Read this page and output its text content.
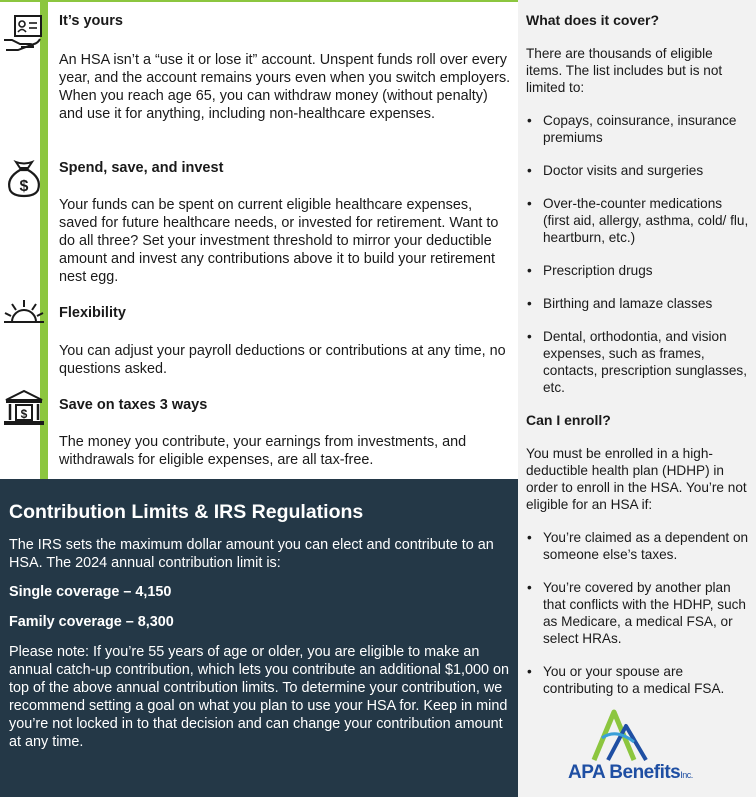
It’s yours
An HSA isn’t a “use it or lose it” account. Unspent funds roll over every year, and the account remains yours even when you switch employers. When you reach age 65, you can withdraw money (without penalty) and use it for anything, including non-healthcare expenses.
$
Spend, save, and invest
Your funds can be spent on current eligible healthcare expenses, saved for future healthcare needs, or invested for retirement. Want to do all three? Set your investment threshold to mirror your deductible amount and invest any contributions above it to build your retirement nest egg.
Flexibility
You can adjust your payroll deductions or contributions at any time, no questions asked.
$
Save on taxes 3 ways
The money you contribute, your earnings from investments, and withdrawals for eligible expenses, are all tax-free.
Contribution Limits & IRS Regulations
The IRS sets the maximum dollar amount you can elect and contribute to an HSA. The 2024 annual contribution limit is:
Single coverage – 4,150
Family coverage – 8,300
Please note: If you’re 55 years of age or older, you are eligible to make an annual catch-up contribution, which lets you contribute an additional $1,000 on top of the above annual contribution limits. To determine your contribution, we recommend setting a goal on what you plan to use your HSA for. Keep in mind you’re not locked in to that decision and can change your contribution amount at any time.
What does it cover?

There are thousands of eligible items. The list includes but is not limited to:

• Copays, coinsurance, insurance premiums
• Doctor visits and surgeries
• Over-the-counter medications (first aid, allergy, asthma, cold/ flu, heartburn, etc.)
• Prescription drugs
• Birthing and lamaze classes
• Dental, orthodontia, and vision expenses, such as frames, contacts, prescription sunglasses, etc.
Can I enroll?

You must be enrolled in a high-deductible health plan (HDHP) in order to enroll in the HSA. You’re not eligible for an HSA if:

• You’re claimed as a dependent on someone else’s taxes.
• You’re covered by another plan that conflicts with the HDHP, such as Medicare, a medical FSA, or select HRAs.
• You or your spouse are contributing to a medical FSA.
APA BenefitsInc.
